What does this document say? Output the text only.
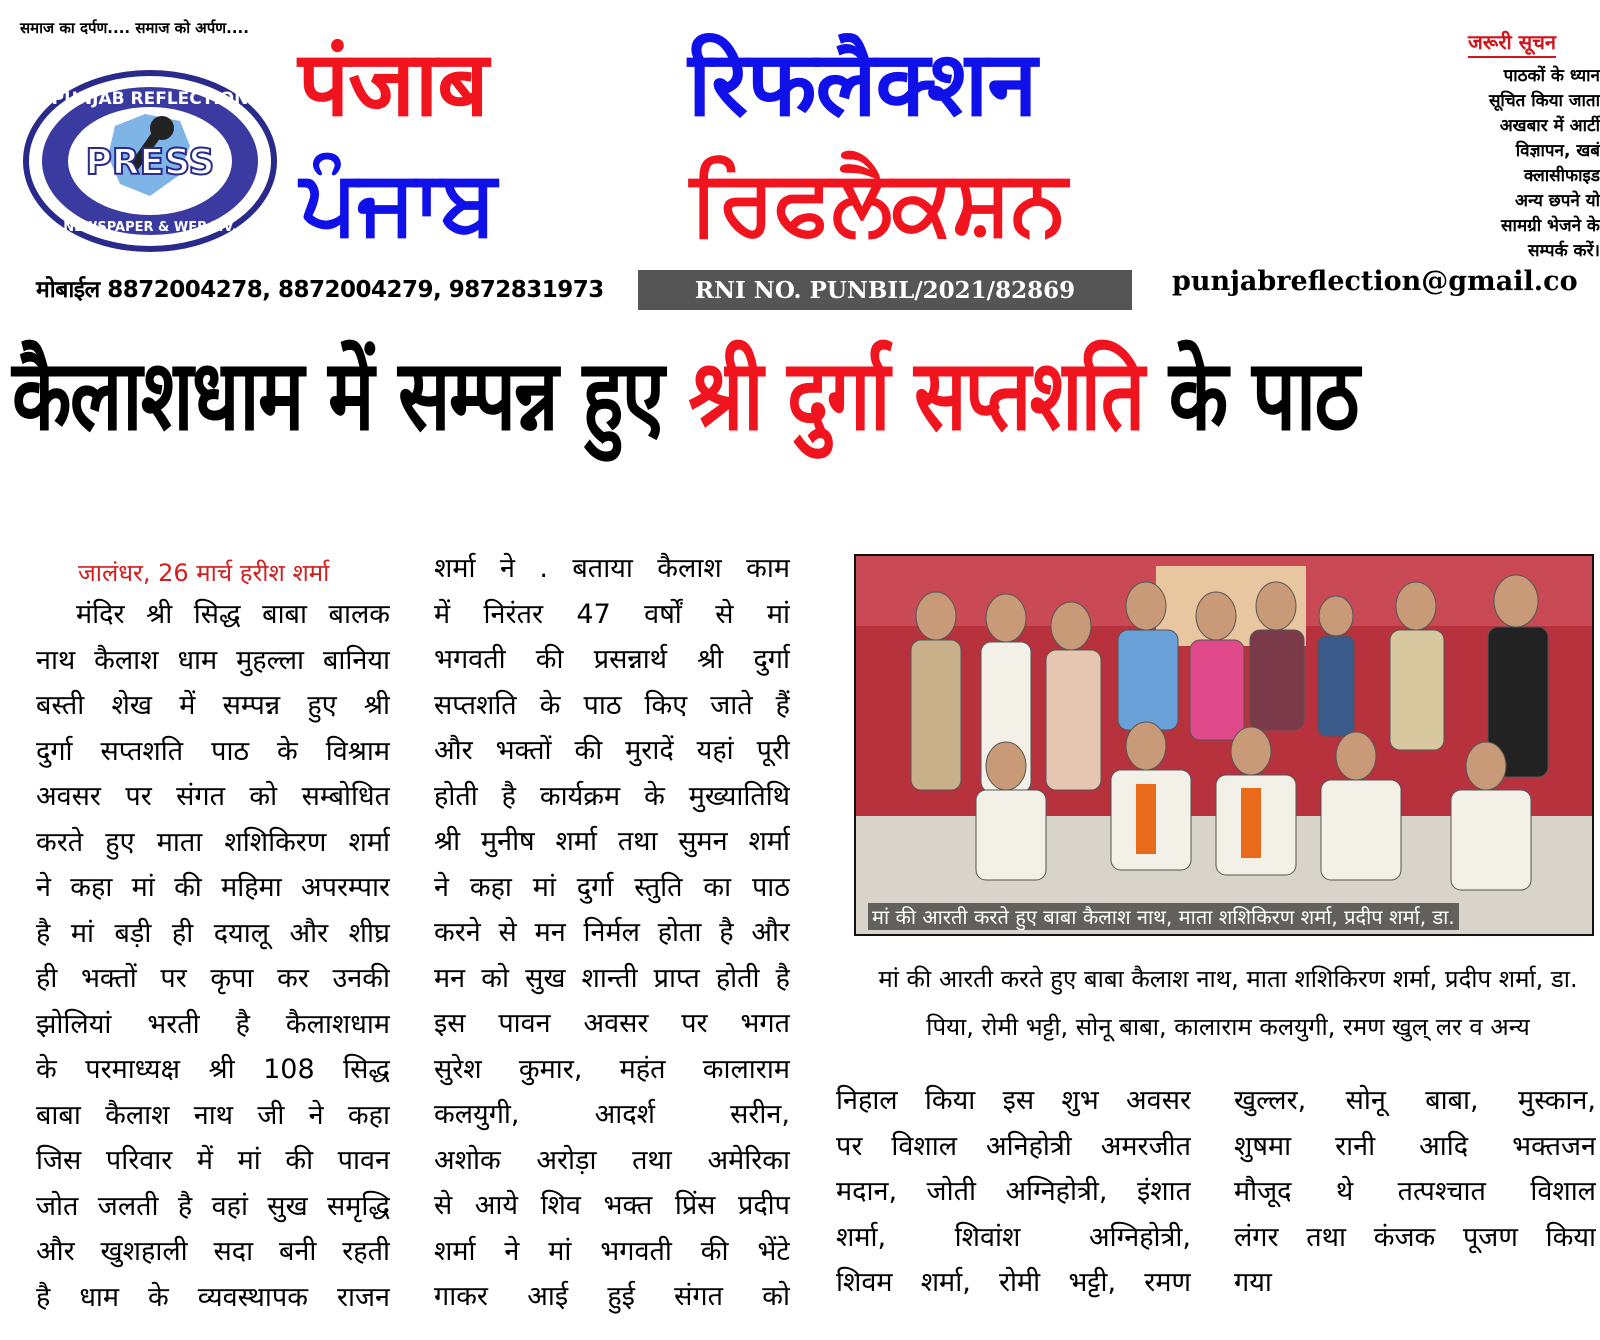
समाज का दर्पण.... समाज को अर्पण....
PRESS
PUNJAB REFLECTION
NEWSPAPER & WEB T.V.
पंजाब रिफलैक्शन
ਪੰਜਾਬ ਰਿਫਲੈਕਸ਼ਨ
जरूरी सूचन
पाठकों के ध्यान
सूचित किया जाता
अखबार में आर्टी
विज्ञापन, खबं
क्लासीफाइड
अन्य छपने यो
सामग्री भेजने के
सम्पर्क करें।
मोबाईल 8872004278, 8872004279, 9872831973	RNI NO. PUNBIL/2021/82869	punjabreflection@gmail.co
कैलाशधाम में सम्पन्न हुए श्री दुर्गा सप्तशति के पाठ
जालंधर, 26 मार्च हरीश शर्मा
मंदिर श्री सिद्ध बाबा बालक
नाथ कैलाश धाम मुहल्ला बानिया
बस्ती शेख में सम्पन्न हुए श्री
दुर्गा सप्तशति पाठ के विश्राम
अवसर पर संगत को सम्बोधित
करते हुए माता शशिकिरण शर्मा
ने कहा मां की महिमा अपरम्पार
है मां बड़ी ही दयालू और शीघ्र
ही भक्तों पर कृपा कर उनकी
झोलियां भरती है कैलाशधाम
के परमाध्यक्ष श्री 108 सिद्ध
बाबा कैलाश नाथ जी ने कहा
जिस परिवार में मां की पावन
जोत जलती है वहां सुख समृद्धि
और खुशहाली सदा बनी रहती
है धाम के व्यवस्थापक राजन
शर्मा ने . बताया कैलाश काम
में निरंतर 47 वर्षों से मां
भगवती की प्रसन्नार्थ श्री दुर्गा
सप्तशति के पाठ किए जाते हैं
और भक्तों की मुरादें यहां पूरी
होती है कार्यक्रम के मुख्यातिथि
श्री मुनीष शर्मा तथा सुमन शर्मा
ने कहा मां दुर्गा स्तुति का पाठ
करने से मन निर्मल होता है और
मन को सुख शान्ती प्राप्त होती है
इस पावन अवसर पर भगत
सुरेश कुमार, महंत कालाराम
कलयुगी, आदर्श सरीन,
अशोक अरोड़ा तथा अमेरिका
से आये शिव भक्त प्रिंस प्रदीप
शर्मा ने मां भगवती की भेंटे
गाकर आई हुई संगत को
मां की आरती करते हुए बाबा कैलाश नाथ, माता शशिकिरण शर्मा, प्रदीप शर्मा, डा.
मां की आरती करते हुए बाबा कैलाश नाथ, माता शशिकिरण शर्मा, प्रदीप शर्मा, डा.
पिया, रोमी भट्टी, सोनू बाबा, कालाराम कलयुगी, रमण खुल् लर व अन्य
निहाल किया इस शुभ अवसर
पर विशाल अनिहोत्री अमरजीत
मदान, जोती अग्निहोत्री, इंशात
शर्मा, शिवांश अग्निहोत्री,
शिवम शर्मा, रोमी भट्टी, रमण
खुल्लर, सोनू बाबा, मुस्कान,
शुषमा रानी आदि भक्तजन
मौजूद थे तत्पश्चात विशाल
लंगर तथा कंजक पूजण किया
गया
